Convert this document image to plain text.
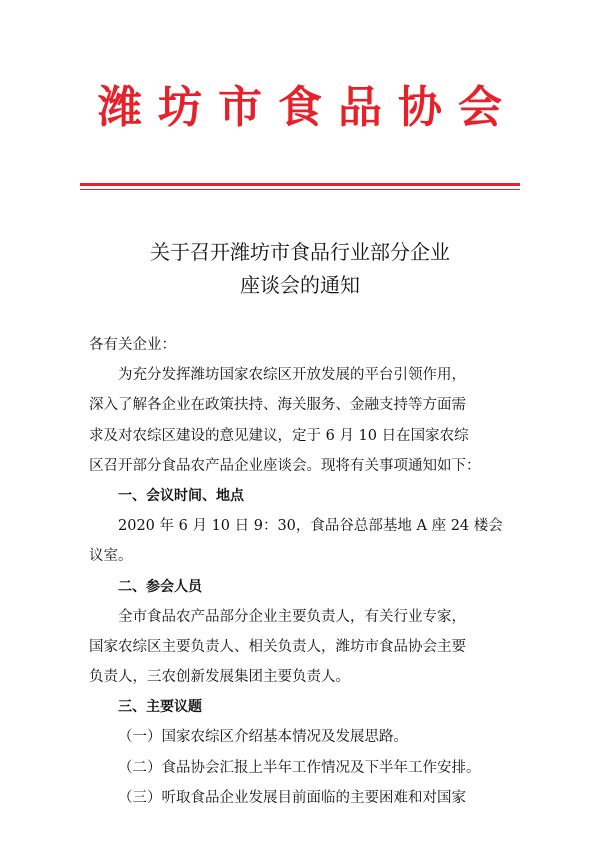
潍坊市食品协会
关于召开潍坊市食品行业部分企业
座谈会的通知
各有关企业：
为充分发挥潍坊国家农综区开放发展的平台引领作用，
深入了解各企业在政策扶持、海关服务、金融支持等方面需
求及对农综区建设的意见建议，定于 6 月 10 日在国家农综
区召开部分食品农产品企业座谈会。现将有关事项通知如下：
一、会议时间、地点
2020 年 6 月 10 日 9：30，食品谷总部基地 A 座 24 楼会
议室。
二、参会人员
全市食品农产品部分企业主要负责人，有关行业专家，
国家农综区主要负责人、相关负责人，潍坊市食品协会主要
负责人，三农创新发展集团主要负责人。
三、主要议题
（一）国家农综区介绍基本情况及发展思路。
（二）食品协会汇报上半年工作情况及下半年工作安排。
（三）听取食品企业发展目前面临的主要困难和对国家
